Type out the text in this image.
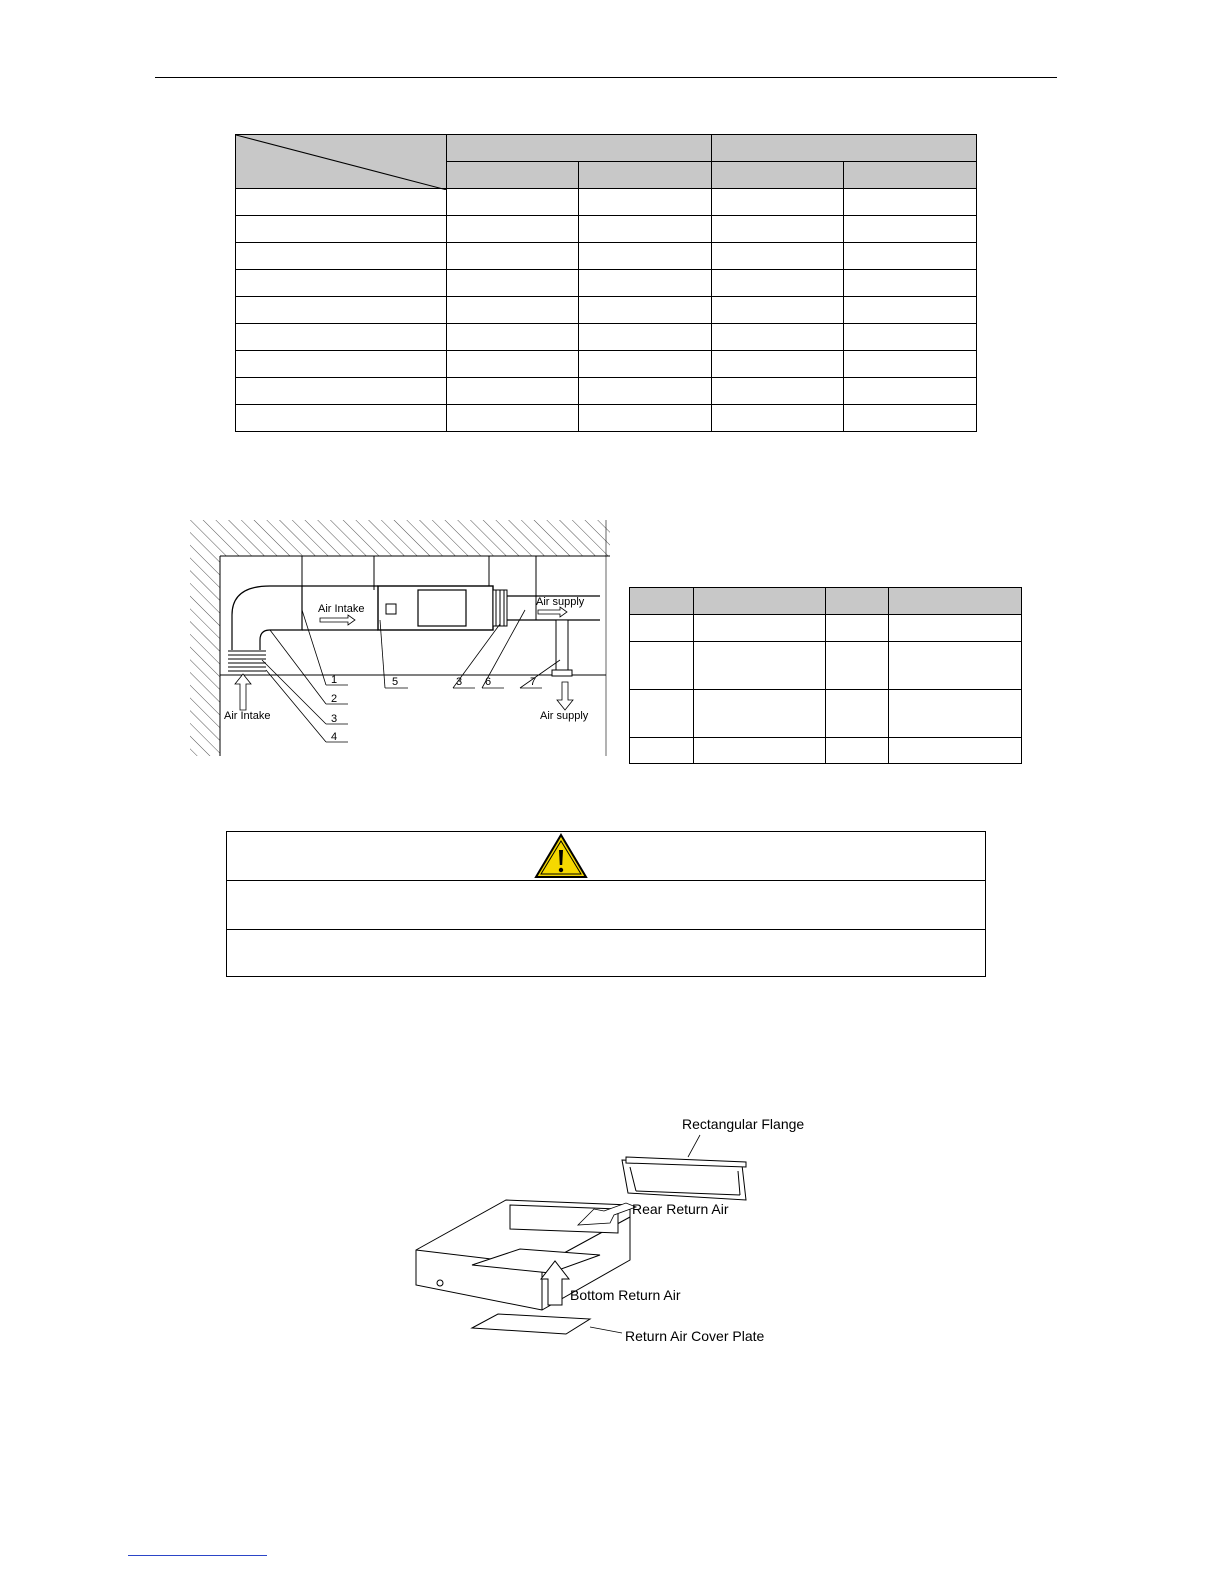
Air Intake
Air supply
Air Intake	Air supply
1
2
3
4
5	3 6	7

Rectangular Flange
Rear Return Air
Bottom Return Air
Return Air Cover Plate
